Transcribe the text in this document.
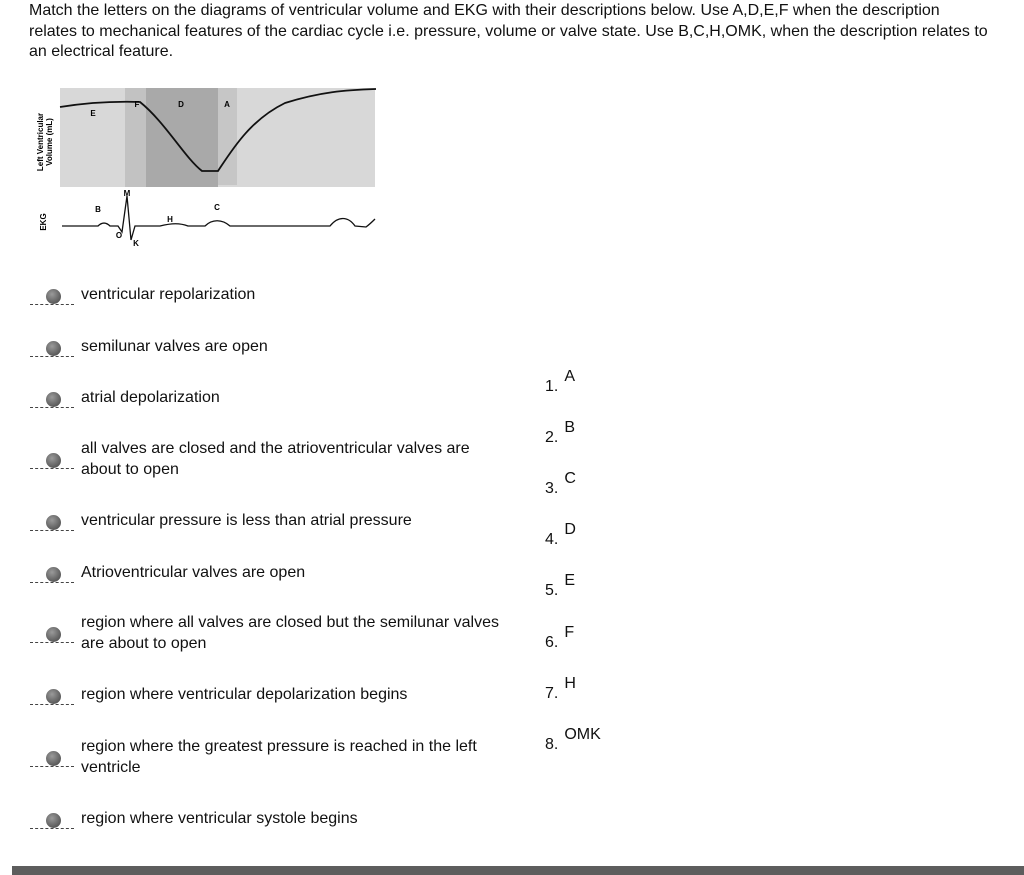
Match the letters on the diagrams of ventricular volume and EKG with their descriptions below. Use A,D,E,F when the description
relates to mechanical features of the cardiac cycle i.e. pressure, volume or valve state. Use B,C,H,OMK, when the description relates to
an electrical feature.

Left Ventricular Volume (mL)
EKG
E
F	D	A
B
M
H
C
O
K
ventricular repolarization
semilunar valves are open
atrial depolarization
all valves are closed and the atrioventricular valves are
about to open
ventricular pressure is less than atrial pressure
Atrioventricular valves are open
region where all valves are closed but the semilunar valves
are about to open
region where ventricular depolarization begins
region where the greatest pressure is reached in the left
ventricle
region where ventricular systole begins
1.A
2.B
3.C
4.D
5.E
6.F
7.H
8.OMK
